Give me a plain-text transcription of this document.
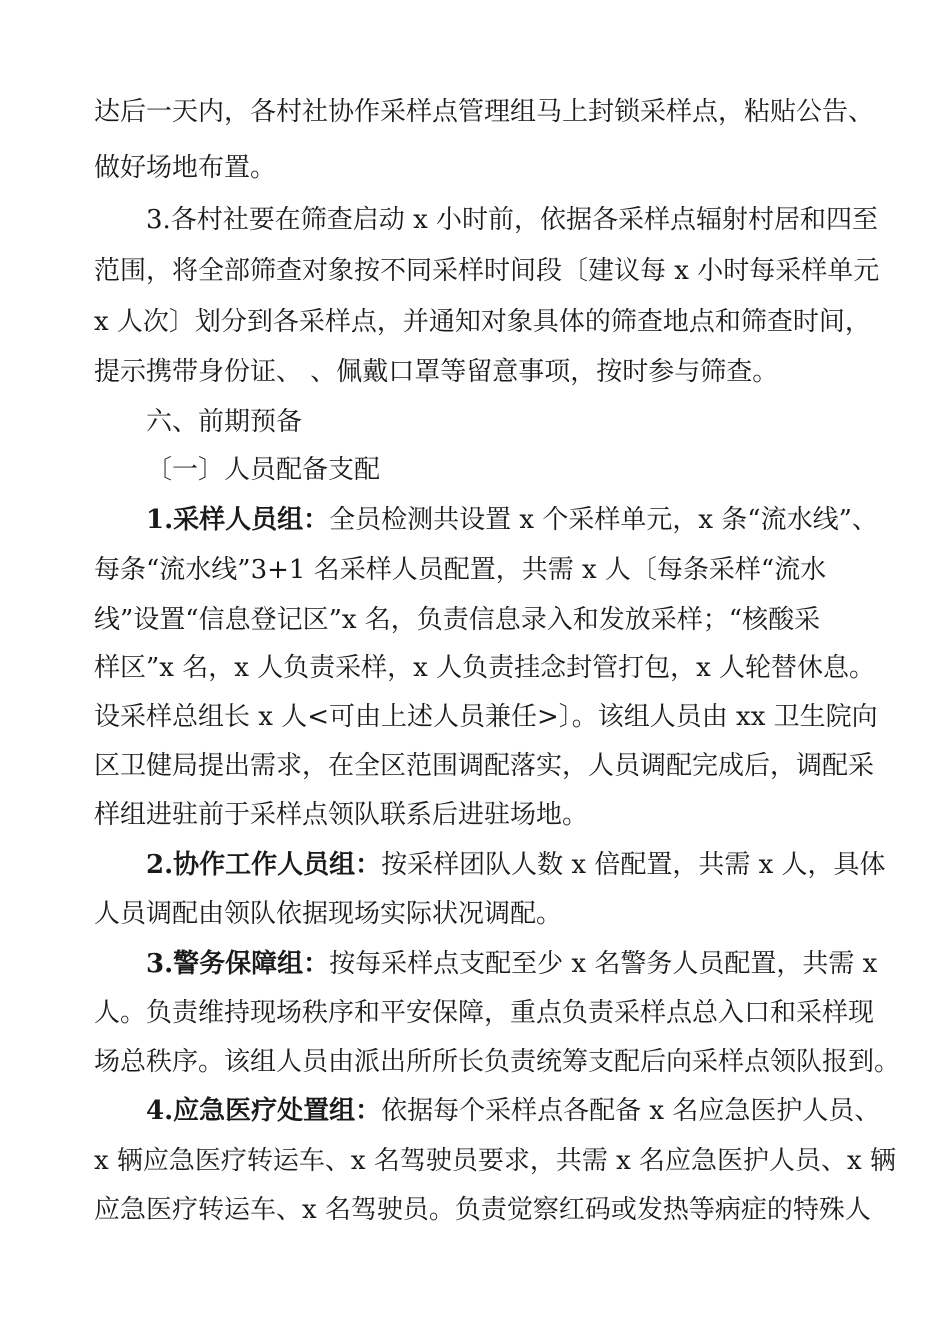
达后一天内，各村社协作采样点管理组马上封锁采样点，粘贴公告、
做好场地布置。
3.各村社要在筛查启动 x 小时前，依据各采样点辐射村居和四至
范围，将全部筛查对象按不同采样时间段〔建议每 x 小时每采样单元
x 人次〕划分到各采样点，并通知对象具体的筛查地点和筛查时间，
提示携带身份证、 、佩戴口罩等留意事项，按时参与筛查。
六、前期预备
〔一〕人员配备支配
1.采样人员组：全员检测共设置 x 个采样单元，x 条“流水线”、
每条“流水线”3+1 名采样人员配置，共需 x 人〔每条采样“流水
线”设置“信息登记区”x 名，负责信息录入和发放采样；“核酸采
样区”x 名，x 人负责采样，x 人负责挂念封管打包，x 人轮替休息。
设采样总组长 x 人<可由上述人员兼任>〕。该组人员由 xx 卫生院向
区卫健局提出需求，在全区范围调配落实，人员调配完成后，调配采
样组进驻前于采样点领队联系后进驻场地。
2.协作工作人员组：按采样团队人数 x 倍配置，共需 x 人，具体
人员调配由领队依据现场实际状况调配。
3.警务保障组：按每采样点支配至少 x 名警务人员配置，共需 x
人。负责维持现场秩序和平安保障，重点负责采样点总入口和采样现
场总秩序。该组人员由派出所所长负责统筹支配后向采样点领队报到。
4.应急医疗处置组：依据每个采样点各配备 x 名应急医护人员、
x 辆应急医疗转运车、x 名驾驶员要求，共需 x 名应急医护人员、x 辆
应急医疗转运车、x 名驾驶员。负责觉察红码或发热等病症的特殊人
